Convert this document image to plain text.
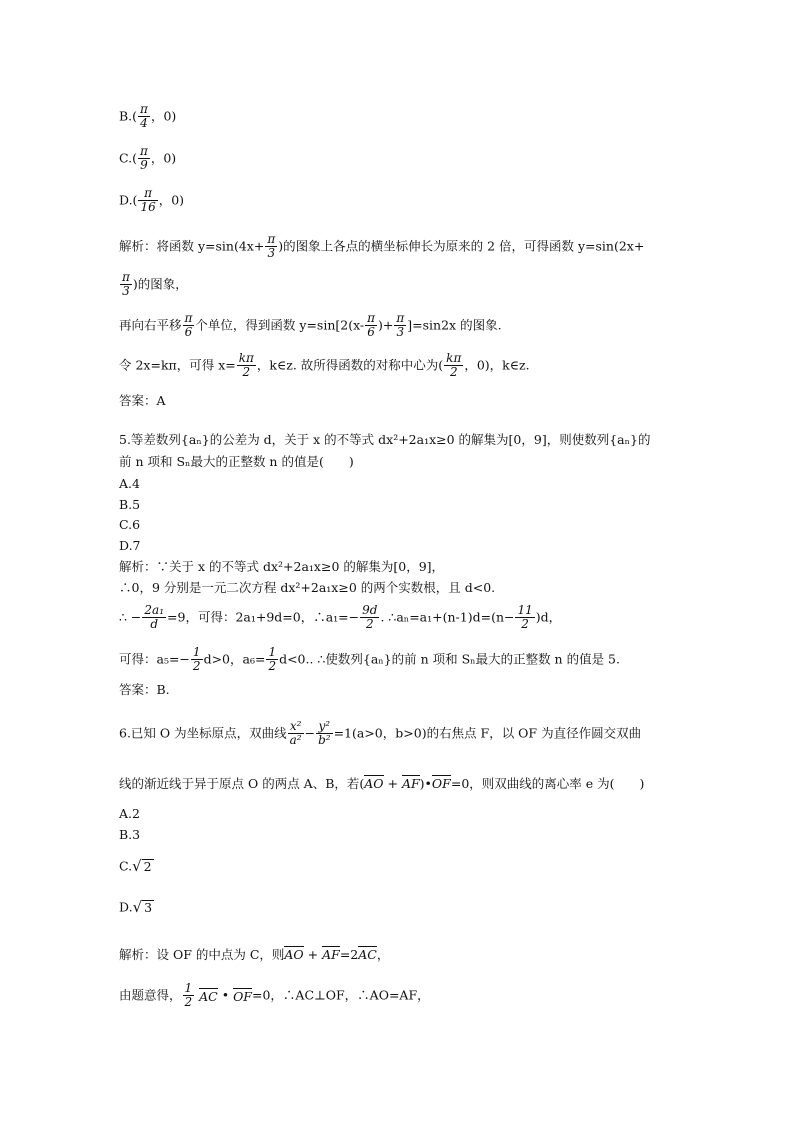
$B.( \frac{\pi}{4}$ ，0)
$C.( \frac{\pi}{9}$ ，0)
$D.( \frac{\pi}{16}$ ，0)
解析：将函数 $y=\sin(4x+ \frac{\pi}{3}$ )的图象上各点的横坐标伸长为原来的 2 倍，可得函数 y=sin(2x+
$\frac{\pi}{3}$ )的图象，
再向右平移 $\frac{\pi}{6}$ 个单位，得到函数 $y=\sin[2(x- \frac{\pi}{6}$ )+ $\frac{\pi}{3} ]=\sin 2x$ 的图象.
令 2x=kπ，可得 $x= \frac{k\pi}{2}$ ，k∈z. 故所得函数的对称中心为( $\frac{k\pi}{2}$ ，0)，k∈z.
答案：A
5.等差数列{aₙ}的公差为 d，关于 x 的不等式 dx²+2a₁x≥0 的解集为[0，9]，则使数列{aₙ}的
前 n 项和 Sₙ最大的正整数 n 的值是(　　)
A.4
B.5
C.6
D.7
解析：∵关于 x 的不等式 dx²+2a₁x≥0 的解集为[0，9]，
∴0，9 分别是一元二次方程 dx²+2a₁x≥0 的两个实数根，且 d<0.
∴ − $\frac{\text{2a₁}}{d} =9$，可得：2a₁+9d=0，∴a₁=− $\frac{9d}{2}$ . ∴aₙ=a₁+(n-1)d=(n− $\frac{11}{2} )d$，
可得：$a_5=- \frac{1}{2} d>0$，$a_6= \frac{1}{2} d<0$.. ∴使数列{aₙ}的前 n 项和 Sₙ最大的正整数 n 的值是 5.
答案：B.
6.已知 O 为坐标原点，双曲线 $\frac{\text{x²}}{\text{a²}} - \frac{\text{y²}}{\text{b²}} =1(a>0$，b>0)的右焦点 F，以 OF 为直径作圆交双曲
线的渐近线于异于原点 O 的两点 A、B，若(AO + AF)•OF=0，则双曲线的离心率 e 为(　　)
A.2
B.3
C.√ 2
D.√ 3
解析：设 OF 的中点为 C，则AO + AF=2AC，
由题意得， $\frac{1}{2}$ AC • OF=0，∴AC⊥OF，∴AO=AF，
